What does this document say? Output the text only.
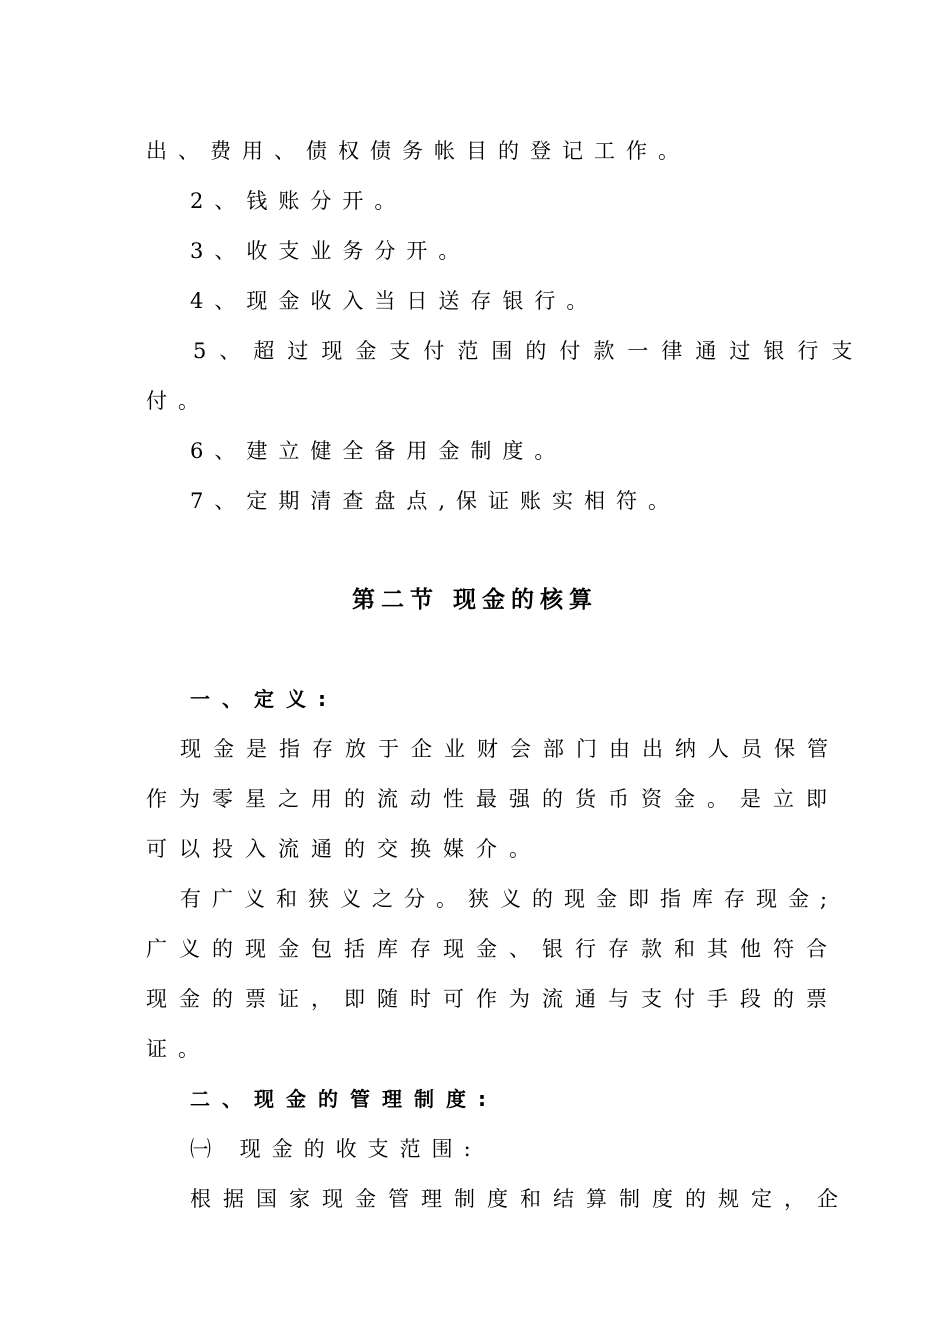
出、费用、债权债务帐目的登记工作。
2、钱账分开。
3、收支业务分开。
4、现金收入当日送存银行。
5、超过现金支付范围的付款一律通过银行支
付。
6、建立健全备用金制度。
7、定期清查盘点,保证账实相符。
第二节 现金的核算
一、定义:
现金是指存放于企业财会部门由出纳人员保管
作为零星之用的流动性最强的货币资金。是立即
可以投入流通的交换媒介。
有广义和狭义之分。狭义的现金即指库存现金;
广义的现金包括库存现金、银行存款和其他符合
现金的票证，即随时可作为流通与支付手段的票
证。
二、现金的管理制度:
㈠ 现金的收支范围:
根据国家现金管理制度和结算制度的规定，企
